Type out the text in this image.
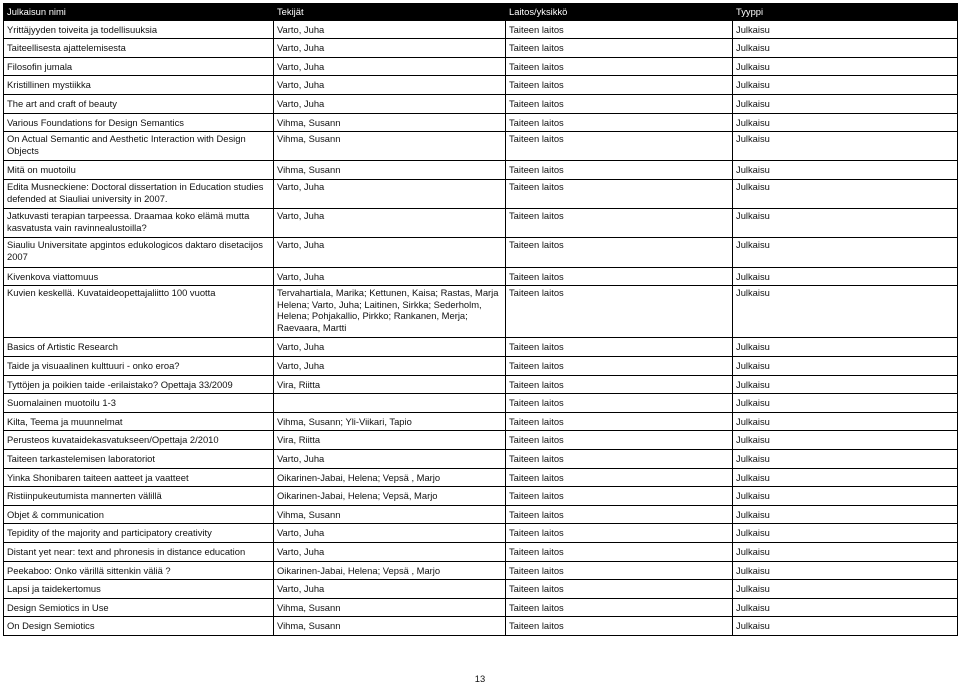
Julkaisun nimi	Tekijät	Laitos/yksikkö	Tyyppi
Yrittäjyyden toiveita ja todellisuuksia	Varto, Juha	Taiteen laitos	Julkaisu
Taiteellisesta ajattelemisesta	Varto, Juha	Taiteen laitos	Julkaisu
Filosofin jumala	Varto, Juha	Taiteen laitos	Julkaisu
Kristillinen mystiikka	Varto, Juha	Taiteen laitos	Julkaisu
The art and craft of beauty	Varto, Juha	Taiteen laitos	Julkaisu
Various Foundations for Design Semantics	Vihma, Susann	Taiteen laitos	Julkaisu
On Actual Semantic and Aesthetic Interaction with Design Objects	Vihma, Susann	Taiteen laitos	Julkaisu
Mitä on muotoilu	Vihma, Susann	Taiteen laitos	Julkaisu
Edita Musneckiene: Doctoral dissertation in Education studies defended at Siauliai university in 2007.	Varto, Juha	Taiteen laitos	Julkaisu
Jatkuvasti terapian tarpeessa. Draamaa koko elämä mutta kasvatusta vain ravinnealustoilla?	Varto, Juha	Taiteen laitos	Julkaisu
Siauliu Universitate apgintos edukologicos daktaro disetacijos 2007	Varto, Juha	Taiteen laitos	Julkaisu
Kivenkova viattomuus	Varto, Juha	Taiteen laitos	Julkaisu
Kuvien keskellä. Kuvataideopettajaliitto 100 vuotta	Tervahartiala, Marika; Kettunen, Kaisa; Rastas, Marja Helena; Varto, Juha; Laitinen, Sirkka; Sederholm, Helena; Pohjakallio, Pirkko; Rankanen, Merja; Raevaara, Martti	Taiteen laitos	Julkaisu
Basics of Artistic Research	Varto, Juha	Taiteen laitos	Julkaisu
Taide ja visuaalinen kulttuuri - onko eroa?	Varto, Juha	Taiteen laitos	Julkaisu
Tyttöjen ja poikien taide -erilaistako? Opettaja 33/2009	Vira, Riitta	Taiteen laitos	Julkaisu
Suomalainen muotoilu 1-3		Taiteen laitos	Julkaisu
Kilta, Teema ja muunnelmat	Vihma, Susann; Yli-Viikari, Tapio	Taiteen laitos	Julkaisu
Perusteos kuvataidekasvatukseen/Opettaja 2/2010	Vira, Riitta	Taiteen laitos	Julkaisu
Taiteen tarkastelemisen laboratoriot	Varto, Juha	Taiteen laitos	Julkaisu
Yinka Shonibaren taiteen aatteet ja vaatteet	Oikarinen-Jabai, Helena; Vepsä , Marjo	Taiteen laitos	Julkaisu
Ristiinpukeutumista mannerten välillä	Oikarinen-Jabai, Helena; Vepsä, Marjo	Taiteen laitos	Julkaisu
Objet & communication	Vihma, Susann	Taiteen laitos	Julkaisu
Tepidity of the majority and participatory creativity	Varto, Juha	Taiteen laitos	Julkaisu
Distant yet near: text and phronesis in distance education	Varto, Juha	Taiteen laitos	Julkaisu
Peekaboo: Onko värillä sittenkin väliä ?	Oikarinen-Jabai, Helena; Vepsä , Marjo	Taiteen laitos	Julkaisu
Lapsi ja taidekertomus	Varto, Juha	Taiteen laitos	Julkaisu
Design Semiotics in Use	Vihma, Susann	Taiteen laitos	Julkaisu
On Design Semiotics	Vihma, Susann	Taiteen laitos	Julkaisu
13
